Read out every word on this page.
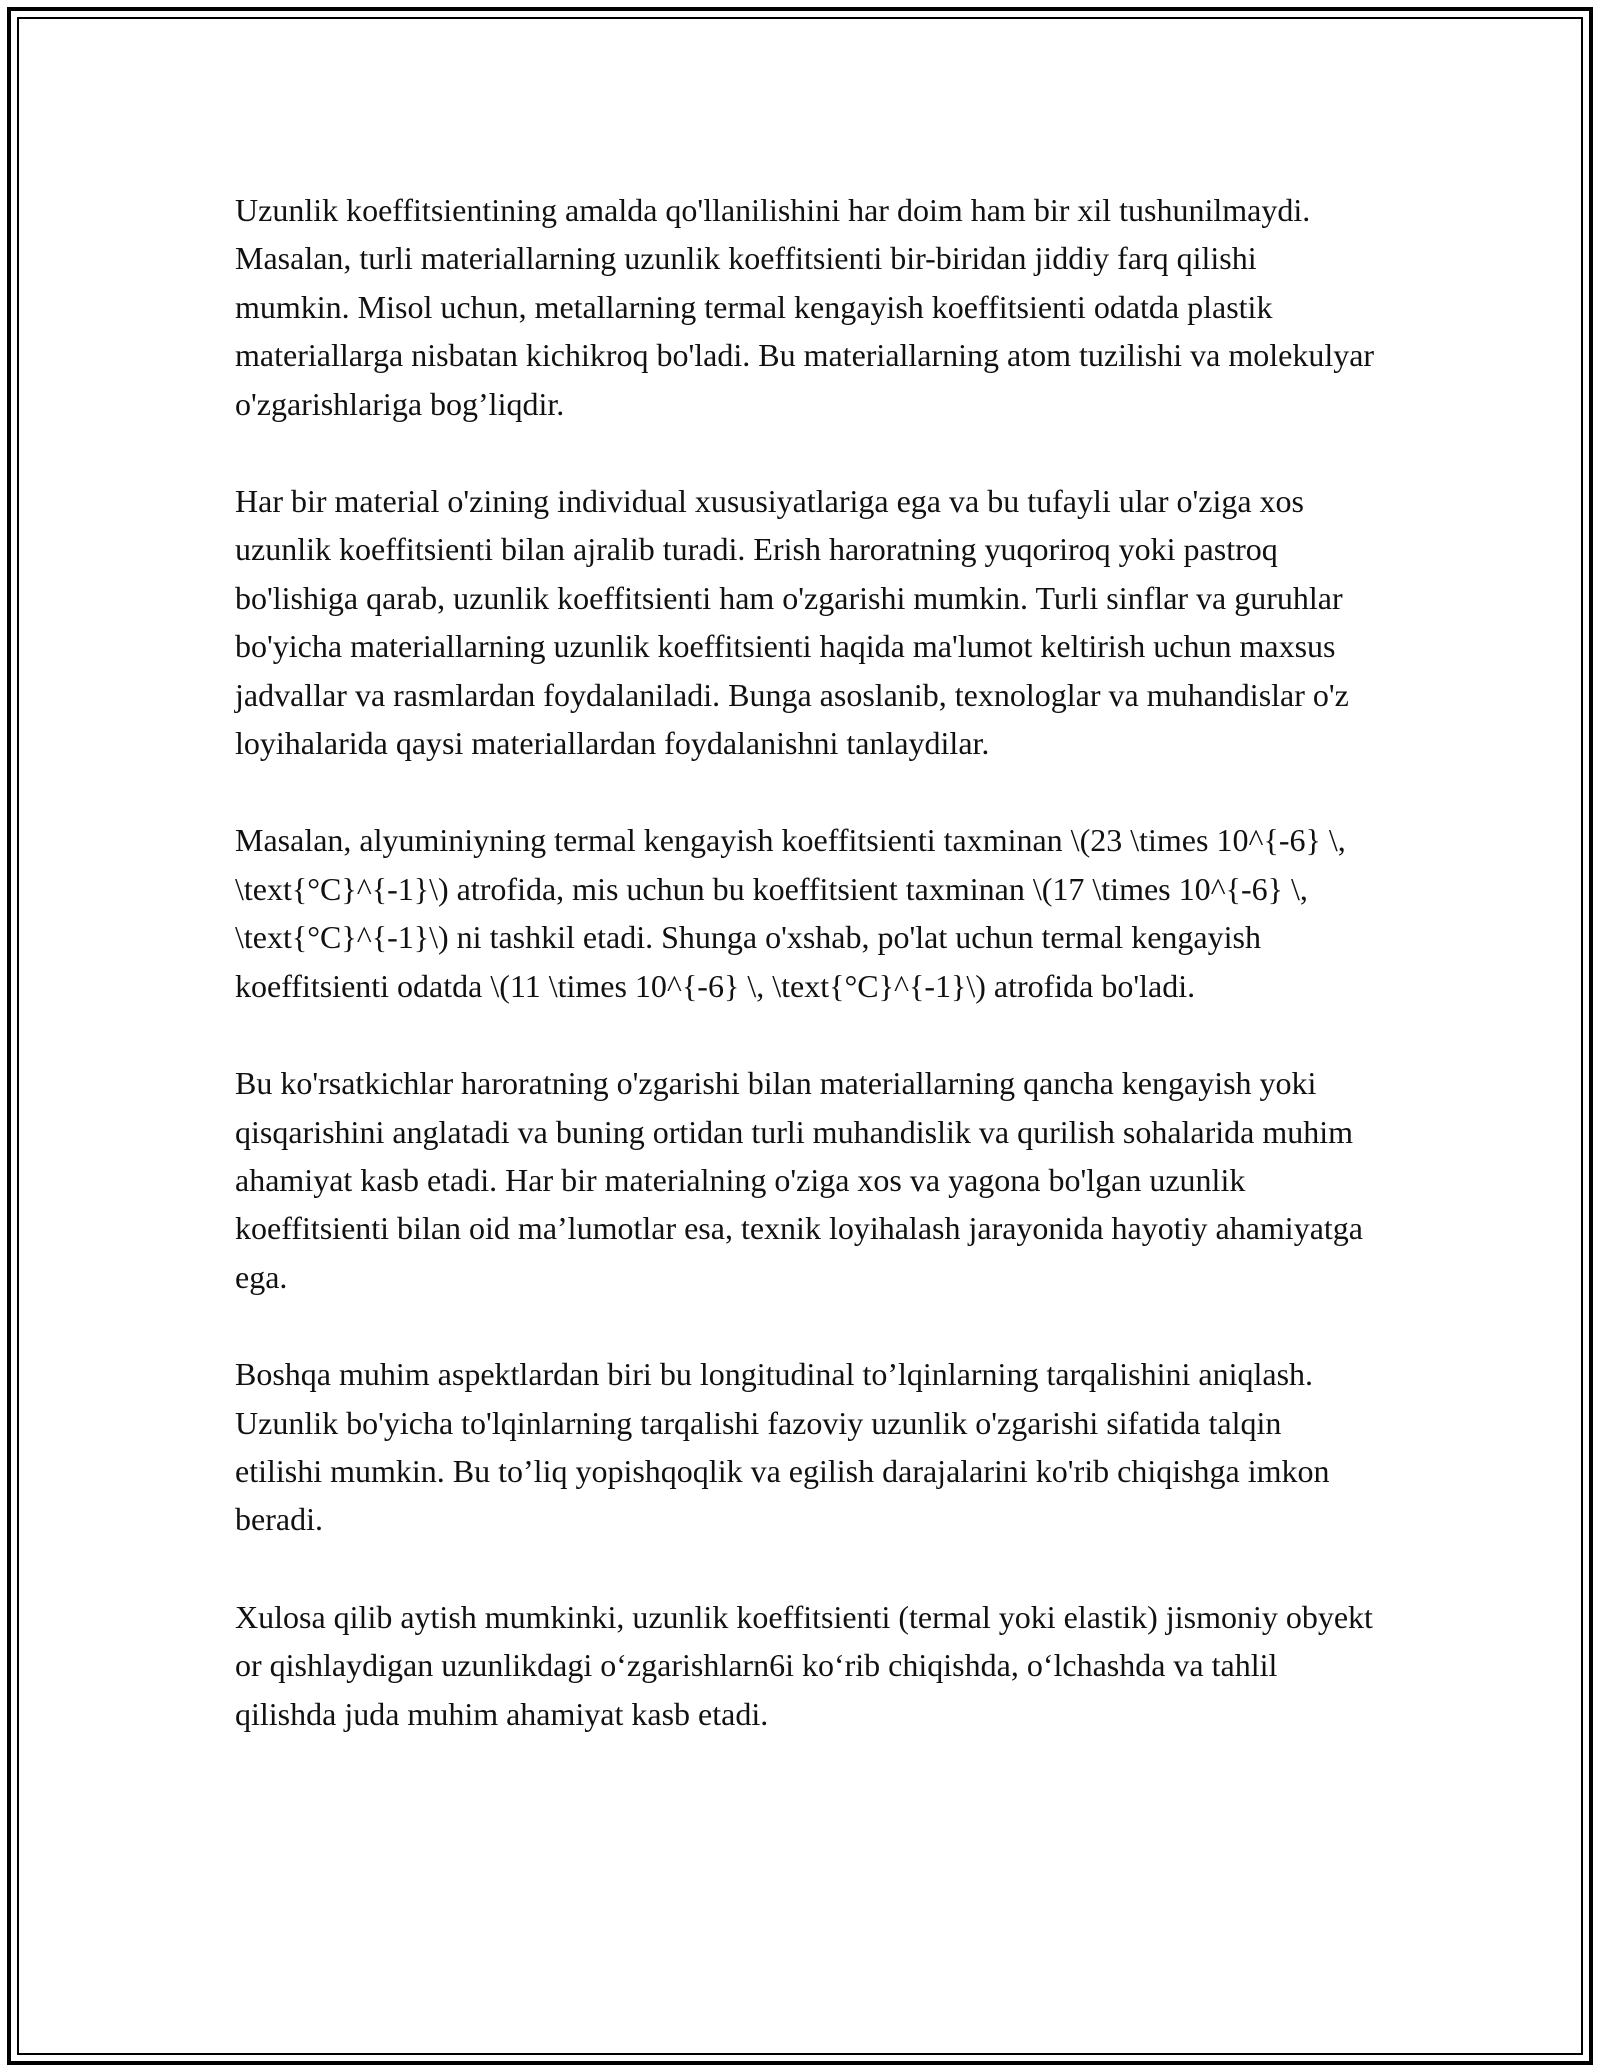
Uzunlik koeffitsientining amalda qo'llanilishini har doim ham bir xil tushunilmaydi. Masalan, turli materiallarning uzunlik koeffitsienti bir-biridan jiddiy farq qilishi mumkin. Misol uchun, metallarning termal kengayish koeffitsienti odatda plastik materiallarga nisbatan kichikroq bo'ladi. Bu materiallarning atom tuzilishi va molekulyar o'zgarishlariga bog’liqdir.

Har bir material o'zining individual xususiyatlariga ega va bu tufayli ular o'ziga xos uzunlik koeffitsienti bilan ajralib turadi. Erish haroratning yuqoriroq yoki pastroq bo'lishiga qarab, uzunlik koeffitsienti ham o'zgarishi mumkin. Turli sinflar va guruhlar bo'yicha materiallarning uzunlik koeffitsienti haqida ma'lumot keltirish uchun maxsus jadvallar va rasmlardan foydalaniladi. Bunga asoslanib, texnologlar va muhandislar o'z loyihalarida qaysi materiallardan foydalanishni tanlaydilar.

Masalan, alyuminiyning termal kengayish koeffitsienti taxminan \(23 \times 10^{-6} \, \text{°C}^{-1}\) atrofida, mis uchun bu koeffitsient taxminan \(17 \times 10^{-6} \, \text{°C}^{-1}\) ni tashkil etadi. Shunga o'xshab, po'lat uchun termal kengayish koeffitsienti odatda \(11 \times 10^{-6} \, \text{°C}^{-1}\) atrofida bo'ladi.

Bu ko'rsatkichlar haroratning o'zgarishi bilan materiallarning qancha kengayish yoki qisqarishini anglatadi va buning ortidan turli muhandislik va qurilish sohalarida muhim ahamiyat kasb etadi. Har bir materialning o'ziga xos va yagona bo'lgan uzunlik koeffitsienti bilan oid ma’lumotlar esa, texnik loyihalash jarayonida hayotiy ahamiyatga ega.

Boshqa muhim aspektlardan biri bu longitudinal to’lqinlarning tarqalishini aniqlash. Uzunlik bo'yicha to'lqinlarning tarqalishi fazoviy uzunlik o'zgarishi sifatida talqin etilishi mumkin. Bu to’liq yopishqoqlik va egilish darajalarini ko'rib chiqishga imkon beradi.

Xulosa qilib aytish mumkinki, uzunlik koeffitsienti (termal yoki elastik) jismoniy obyekt or qishlaydigan uzunlikdagi o‘zgarishlarn6i ko‘rib chiqishda, o‘lchashda va tahlil qilishda juda muhim ahamiyat kasb etadi.
